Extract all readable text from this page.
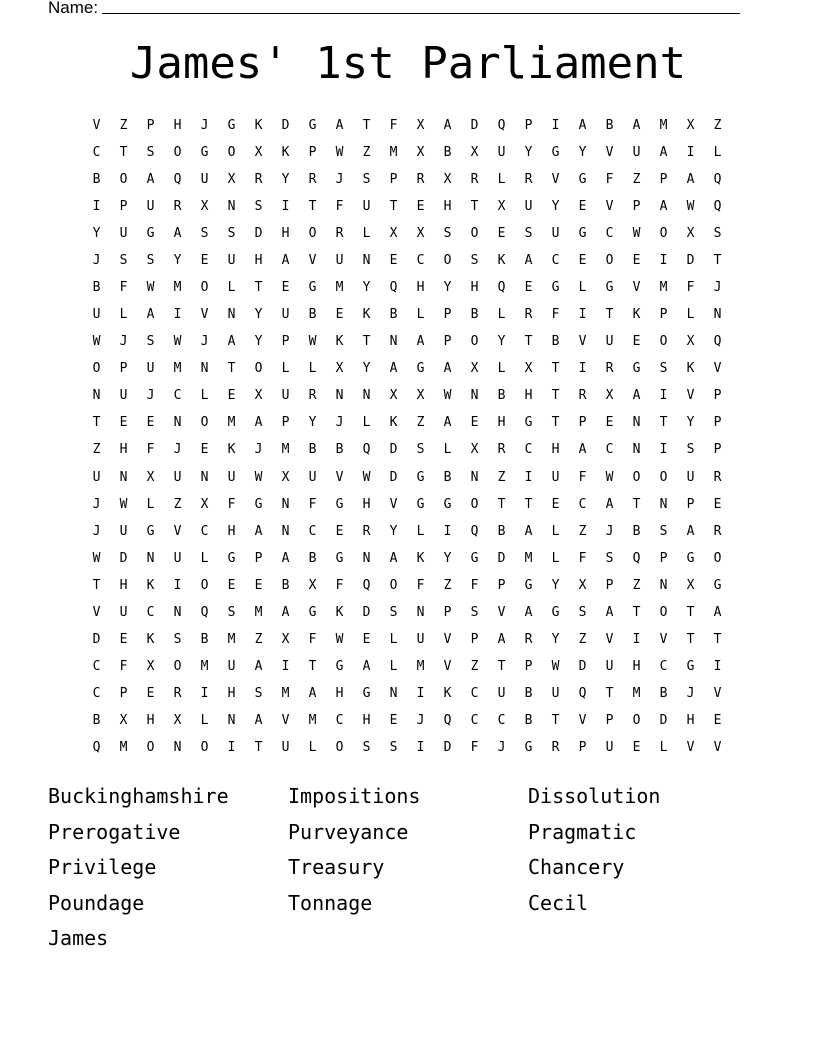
Name:
James' 1st Parliament
V	Z	P	H	J	G	K	D	G	A	T	F	X	A	D	Q	P	I	A	B	A	M	X	Z
C	T	S	O	G	O	X	K	P	W	Z	M	X	B	X	U	Y	G	Y	V	U	A	I	L
B	O	A	Q	U	X	R	Y	R	J	S	P	R	X	R	L	R	V	G	F	Z	P	A	Q
I	P	U	R	X	N	S	I	T	F	U	T	E	H	T	X	U	Y	E	V	P	A	W	Q
Y	U	G	A	S	S	D	H	O	R	L	X	X	S	O	E	S	U	G	C	W	O	X	S
J	S	S	Y	E	U	H	A	V	U	N	E	C	O	S	K	A	C	E	O	E	I	D	T
B	F	W	M	O	L	T	E	G	M	Y	Q	H	Y	H	Q	E	G	L	G	V	M	F	J
U	L	A	I	V	N	Y	U	B	E	K	B	L	P	B	L	R	F	I	T	K	P	L	N
W	J	S	W	J	A	Y	P	W	K	T	N	A	P	O	Y	T	B	V	U	E	O	X	Q
O	P	U	M	N	T	O	L	L	X	Y	A	G	A	X	L	X	T	I	R	G	S	K	V
N	U	J	C	L	E	X	U	R	N	N	X	X	W	N	B	H	T	R	X	A	I	V	P
T	E	E	N	O	M	A	P	Y	J	L	K	Z	A	E	H	G	T	P	E	N	T	Y	P
Z	H	F	J	E	K	J	M	B	B	Q	D	S	L	X	R	C	H	A	C	N	I	S	P
U	N	X	U	N	U	W	X	U	V	W	D	G	B	N	Z	I	U	F	W	O	O	U	R
J	W	L	Z	X	F	G	N	F	G	H	V	G	G	O	T	T	E	C	A	T	N	P	E
J	U	G	V	C	H	A	N	C	E	R	Y	L	I	Q	B	A	L	Z	J	B	S	A	R
W	D	N	U	L	G	P	A	B	G	N	A	K	Y	G	D	M	L	F	S	Q	P	G	O
T	H	K	I	O	E	E	B	X	F	Q	O	F	Z	F	P	G	Y	X	P	Z	N	X	G
V	U	C	N	Q	S	M	A	G	K	D	S	N	P	S	V	A	G	S	A	T	O	T	A
D	E	K	S	B	M	Z	X	F	W	E	L	U	V	P	A	R	Y	Z	V	I	V	T	T
C	F	X	O	M	U	A	I	T	G	A	L	M	V	Z	T	P	W	D	U	H	C	G	I
C	P	E	R	I	H	S	M	A	H	G	N	I	K	C	U	B	U	Q	T	M	B	J	V
B	X	H	X	L	N	A	V	M	C	H	E	J	Q	C	C	B	T	V	P	O	D	H	E
Q	M	O	N	O	I	T	U	L	O	S	S	I	D	F	J	G	R	P	U	E	L	V	V
Buckinghamshire	Impositions	Dissolution
Prerogative	Purveyance	Pragmatic
Privilege	Treasury	Chancery
Poundage	Tonnage	Cecil
James
